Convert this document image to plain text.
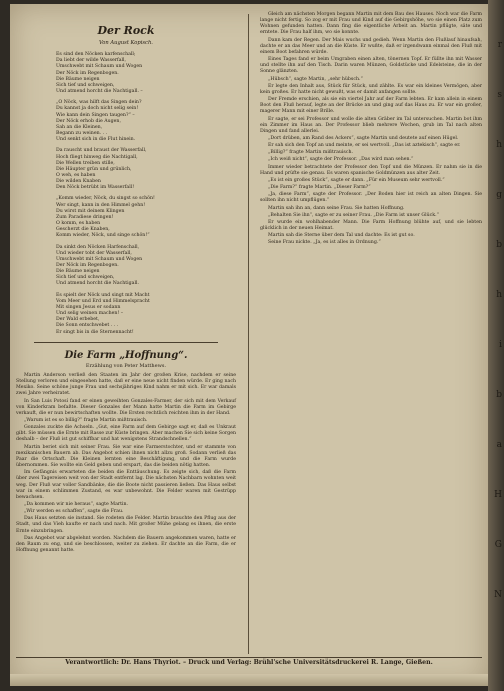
Der Rock
Von August Kopisch.

Es sind den Nöcken karfenschall;

Da liebt der wilde Wasserfall,

Umschwebt mit Schaum und Wogen

Der Nöck im Regenbogen.

Die Bäume neigen

Sich tief und schweigen,

Und atmend horcht die Nachtigall. –

„O Nöck, was hilft das Singen dein?

Du kannst ja doch nicht selig sein!

Wie kann dein Singen taugen?“ –

Der Nöck erhob die Augen,

Sah an die Kleinen,

Begann zu weinen. . .

Und senkt sich in die Flut hinein.

Da rauscht und braust der Wasserfall,

Hoch fliegt hinweg die Nachtigall,

Die Wellen treiben stille,

Die Häupter grün und grünlich,

O weh, es haben

Die wilden Knaben

Den Nöck betrübt im Wasserfall!

„Komm wieder, Nöck, du singst so schön!

Wer singt, kann in den Himmel gehn!

Du wirst mit deinem Klingen

Zum Paradiese dringen!

O komm, es haben

Gescherzt die Knaben,

Komm wieder, Nöck, und singe schön!“

Da sinkt den Nöcken Harfenschall,

Und wieder tobt der Wasserfall,

Umschwebt mit Schaum und Wogen

Der Nöck im Regenbogen.

Die Bäume neigen

Sich tief und schweigen,

Und atmend horcht die Nachtigall.

Es spielt der Nöck und singt mit Macht

Vom Meer und Erd und Himmelspracht

Mit singen Jesus er sodann

Und selig weinen machen! –

Der Wald erbebet,

Die Sonn entschwebet . . .

Er singt bis in die Sternennacht!

Die Farm „Hoffnung“.
Erzählung von Peter Matthews.

Martin Anderson verließ den Staaten im Jahr der großen Krise, nachdem er seine Stellung verloren und eingesehen hatte, daß er eine neue nicht finden würde. Er ging nach Mexiko. Seine schöne junge Frau und sechsjähriges Kind nahm er mit sich. Er war damals zwei Jahre verheiratet.

In San Luis Potosí fand er einen geweihten Gonzales-Farmer, der sich mit dem Verkauf von Kinderkram befaßte. Dieser Gonzales der Mann hatte Martin die Farm im Gebirge verkauft, die er nun bewirtschaften wollte. Die Ersten rechtlich reichten ihm in der Hand.

„Warum ist es so billig?“ fragte Martin mißtrauisch.

Gonzales zuckte die Achseln. „Gut, eine Farm auf dem Gebirge sagt er, daß es Unkraut gibt. Sie müssen die Ernte mit Rasse zur Küste bringen. Aber machen Sie sich keine Sorgen deshalb – der Fluß ist gut schiffbar und hat wenigstens Strandschnellen.“

Martin beriet sich mit seiner Frau. Sie war eine Farmerstochter, und er stammte von mexikanischen Bauern ab. Das Angebot schien ihnen nicht allzu groß. Sodann verließ das Paar die Ortschaft. Die Kleinen lernten eine Beschäftigung, und die Farm wurde übernommen. Sie wollte ein Geld geben und erspart, das die beiden nötig hatten.

Im Gefängnis erwarteten die beiden die Enttäuschung. Es zeigte sich, daß die Farm über zwei Tagereisen weit von der Stadt entfernt lag. Die nächsten Nachbarn wohnten weit weg. Der Fluß war voller Sandbänke, die die Boote nicht passieren ließen. Das Haus selbst war in einem schlimmen Zustand, es war unbewohnt. Die Felder waren mit Gestrüpp bewachsen.

„Da kommen wir nie heraus“, sagte Martin.

„Wir werden es schaffen“, sagte die Frau.

Das Haus setzten sie instand. Sie rodeten die Felder. Martin brauchte den Pflug aus der Stadt, und das Vieh kaufte er nach und nach. Mit großer Mühe gelang es ihnen, die erste Ernte einzubringen.

Das Angebot war abgelehnt worden. Nachdem die Bauern angekommen waren, hatte er den Raum zu eng, und sie beschlossen, weiter zu ziehen. Er dachte an die Farm, die er Hoffnung genannt hatte.

Gleich am nächsten Morgen begann Martin mit dem Bau des Hauses. Noch war die Farm lange nicht fertig. So zog er mit Frau und Kind auf die Gebirgshöhe, wo sie einen Platz zum Wohnen gefunden hatten. Dann fing die eigentliche Arbeit an. Martin pflügte, säte und erntete. Die Frau half ihm, wo sie konnte.

Dann kam der Regen. Der Mais wuchs und gedieh. Wenn Martin den Flußlauf hinaufsah, dachte er an das Meer und an die Küste. Er wußte, daß er irgendwann einmal den Fluß mit einem Boot befahren würde.

Eines Tages fand er beim Umgraben einen alten, tönernen Topf. Er füllte ihn mit Wasser und stellte ihn auf den Tisch. Darin waren Münzen, Goldstücke und Edelsteine, die in der Sonne glänzten.

„Hübsch“, sagte Martin, „sehr hübsch.“

Er legte den Inhalt aus, Stück für Stück, und zählte. Es war ein kleines Vermögen, aber kein großes. Er hatte nicht gewußt, was er damit anfangen sollte.

Der Fremde erschien, als sie ein viertel Jahr auf der Farm lebten. Er kam allein in einem Boot den Fluß herauf, legte an der Brücke an und ging auf das Haus zu. Er war ein großer, magerer Mann mit einer Brille.

Er sagte, er sei Professor und wolle die alten Gräber im Tal untersuchen. Martin bot ihm ein Zimmer im Haus an. Der Professor blieb mehrere Wochen, grub im Tal nach alten Dingen und fand allerlei.

„Dort drüben, am Rand des Ackers“, sagte Martin und deutete auf einen Hügel.

Er sah sich den Topf an und meinte, er sei wertvoll. „Das ist aztekisch“, sagte er.

„Billig?“ fragte Martin mißtrauisch.

„Ich weiß nicht“, sagte der Professor. „Das wird man sehen.“

Immer wieder betrachtete der Professor den Topf und die Münzen. Er nahm sie in die Hand und prüfte sie genau. Es waren spanische Goldmünzen aus alter Zeit.

„Es ist ein großes Stück“, sagte er dann. „Für ein Museum sehr wertvoll.“

„Die Farm?“ fragte Martin. „Dieser Farm?“

„Ja, diese Farm“, sagte der Professor. „Der Boden hier ist reich an alten Dingen. Sie sollten ihn nicht umpflügen.“

Martin sah ihn an, dann seine Frau. Sie hatten Hoffnung.

„Behalten Sie ihn“, sagte er zu seiner Frau. „Die Farm ist unser Glück.“

Er wurde ein wohlhabender Mann. Die Farm Hoffnung blühte auf, und sie lebten glücklich in der neuen Heimat.

Martin sah die Sterne über dem Tal und dachte: Es ist gut so.

Seine Frau nickte. „Ja, es ist alles in Ordnung.“

Verantwortlich: Dr. Hans Thyriot. – Druck und Verlag: Brühl'sche Universitätsdruckerei R. Lange, Gießen.
r
s
h
g
b
h
i
b
a
H
G
N
